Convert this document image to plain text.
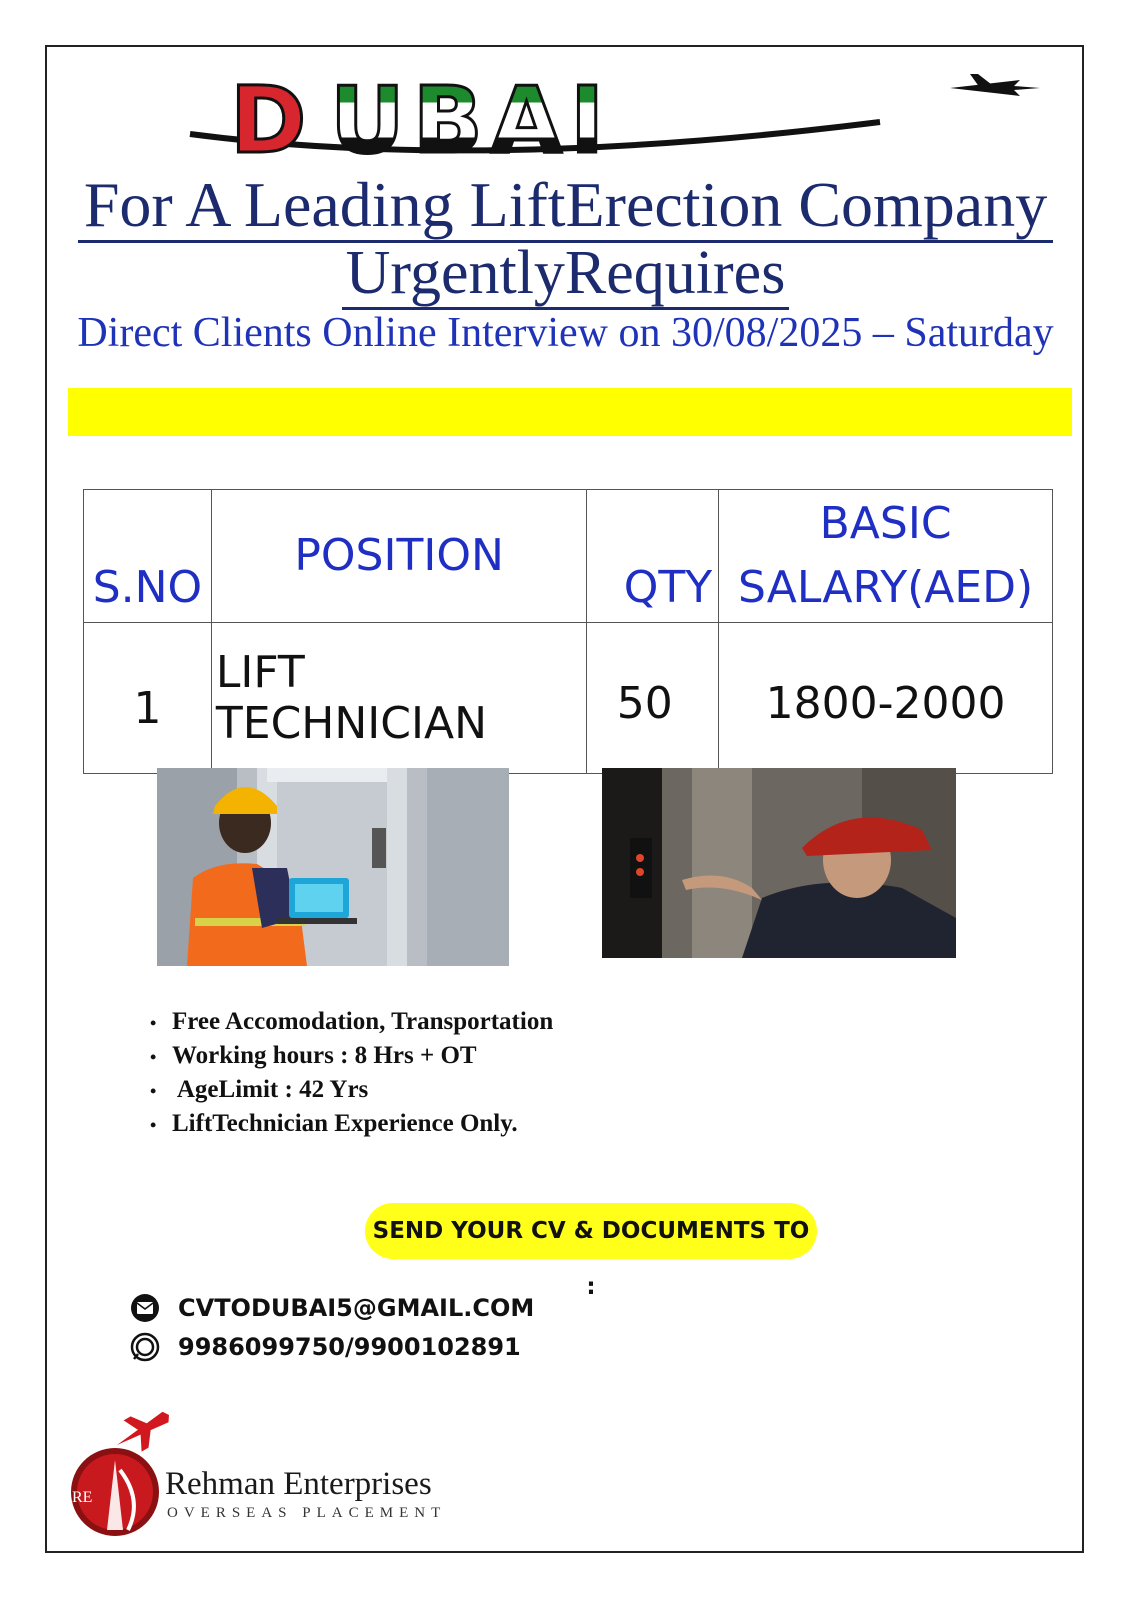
D UBAI
For A Leading LiftErection Company
UrgentlyRequires
Direct Clients Online Interview on 30/08/2025 – Saturday
S.NO	POSITION	QTY	BASIC
SALARY(AED)

1	LIFT TECHNICIAN	50	1800-2000
• Free Accomodation, Transportation
• Working hours : 8 Hrs + OT
• AgeLimit : 42 Yrs
• LiftTechnician Experience Only.
SEND YOUR CV & DOCUMENTS TO :
CVTODUBAI5@GMAIL.COM
9986099750/9900102891
RE Rehman Enterprises
OVERSEAS PLACEMENT
